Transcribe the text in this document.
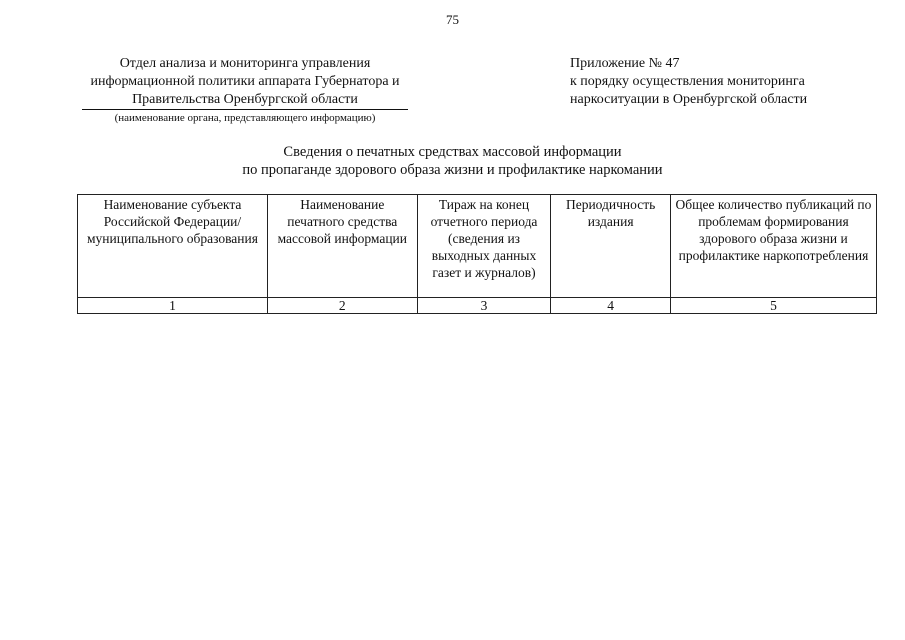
75
Отдел анализа и мониторинга управления
информационной политики аппарата Губернатора и
Правительства Оренбургской области
(наименование органа, представляющего информацию)
Приложение № 47
к порядку осуществления мониторинга
наркоситуации в Оренбургской области
Сведения о печатных средствах массовой информации
по пропаганде здорового образа жизни и профилактике наркомании
Наименование субъекта Российской Федерации/ муниципального образования	Наименование печатного средства массовой информации	Тираж на конец отчетного периода (сведения из выходных данных газет и журналов)	Периодичность издания	Общее количество публикаций по проблемам формирования здорового образа жизни и профилактике наркопотребления
1	2	3	4	5
